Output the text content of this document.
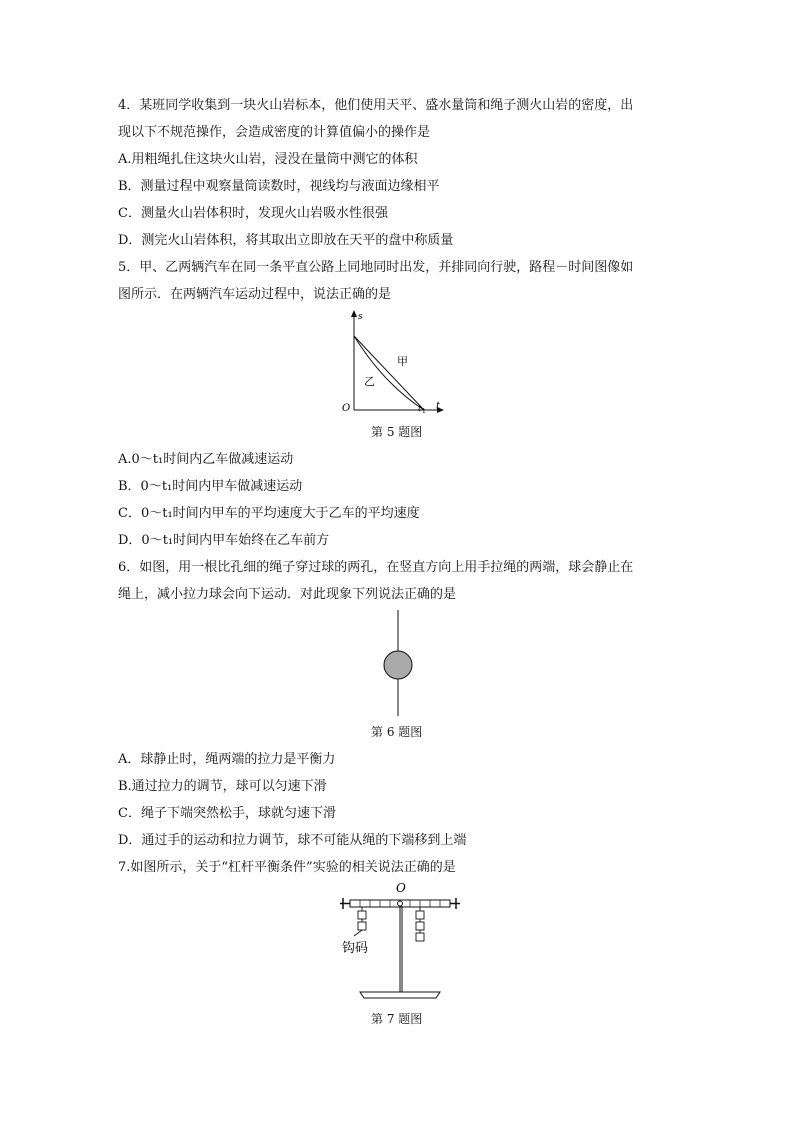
4．某班同学收集到一块火山岩标本，他们使用天平、盛水量筒和绳子测火山岩的密度，出
现以下不规范操作，会造成密度的计算值偏小的操作是
A.用粗绳扎住这块火山岩，浸没在量筒中测它的体积
B．测量过程中观察量筒读数时，视线均与液面边缘相平
C．测量火山岩体积时，发现火山岩吸水性很强
D．测完火山岩体积，将其取出立即放在天平的盘中称质量
5．甲、乙两辆汽车在同一条平直公路上同地同时出发，并排同向行驶，路程－时间图像如
图所示．在两辆汽车运动过程中，说法正确的是
s
t
O	t 1
甲
乙
第 5 题图
A.0～t₁时间内乙车做减速运动
B．0～t₁时间内甲车做减速运动
C．0～t₁时间内甲车的平均速度大于乙车的平均速度
D．0～t₁时间内甲车始终在乙车前方
6．如图，用一根比孔细的绳子穿过球的两孔，在竖直方向上用手拉绳的两端，球会静止在
绳上，减小拉力球会向下运动．对此现象下列说法正确的是
第 6 题图
A．球静止时，绳两端的拉力是平衡力
B.通过拉力的调节，球可以匀速下滑
C．绳子下端突然松手，球就匀速下滑
D．通过手的运动和拉力调节，球不可能从绳的下端移到上端
7.如图所示，关于“杠杆平衡条件”实验的相关说法正确的是
O
钩码
第 7 题图
